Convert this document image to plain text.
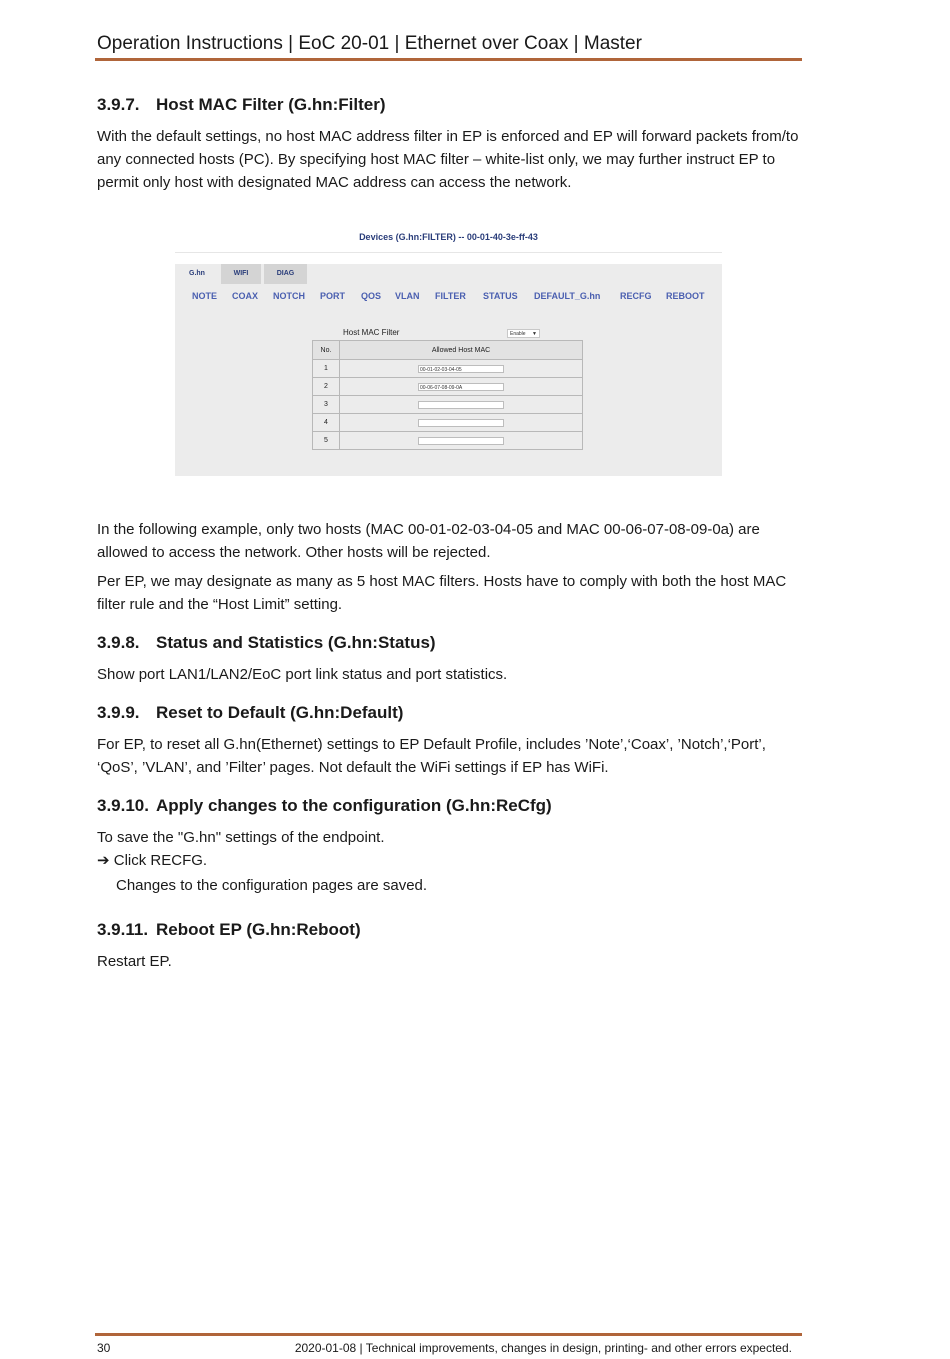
Operation Instructions | EoC 20-01 | Ethernet over Coax | Master
3.9.7. Host MAC Filter (G.hn:Filter)

With the default settings, no host MAC address filter in EP is enforced and EP will forward packets from/to any connected hosts (PC). By specifying host MAC filter – white-list only, we may further instruct EP to permit only host with designated MAC address can access the network.

Devices (G.hn:FILTER) -- 00-01-40-3e-ff-43
G.hn	WIFI	DIAG
NOTE COAX NOTCH PORT QOS VLAN FILTER STATUS DEFAULT_G.hn RECFG REBOOT
Host MAC Filter	Enable ▼
No.	Allowed Host MAC
1	00-01-02-03-04-05
2	00-06-07-08-09-0A
3	
4	
5	

In the following example, only two hosts (MAC 00-01-02-03-04-05 and MAC 00-06-07-08-09-0a) are allowed to access the network. Other hosts will be rejected.

Per EP, we may designate as many as 5 host MAC filters. Hosts have to comply with both the host MAC filter rule and the “Host Limit” setting.

3.9.8. Status and Statistics (G.hn:Status)

Show port LAN1/LAN2/EoC port link status and port statistics.

3.9.9. Reset to Default (G.hn:Default)

For EP, to reset all G.hn(Ethernet) settings to EP Default Profile, includes ’Note’,‘Coax’, ’Notch’,‘Port’, ‘QoS’, ’VLAN’, and ’Filter’ pages. Not default the WiFi settings if EP has WiFi.

3.9.10. Apply changes to the configuration (G.hn:ReCfg)

To save the "G.hn" settings of the endpoint.

➔ Click RECFG.

Changes to the configuration pages are saved.

3.9.11. Reboot EP (G.hn:Reboot)

Restart EP.

30	2020-01-08 | Technical improvements, changes in design, printing- and other errors expected.
